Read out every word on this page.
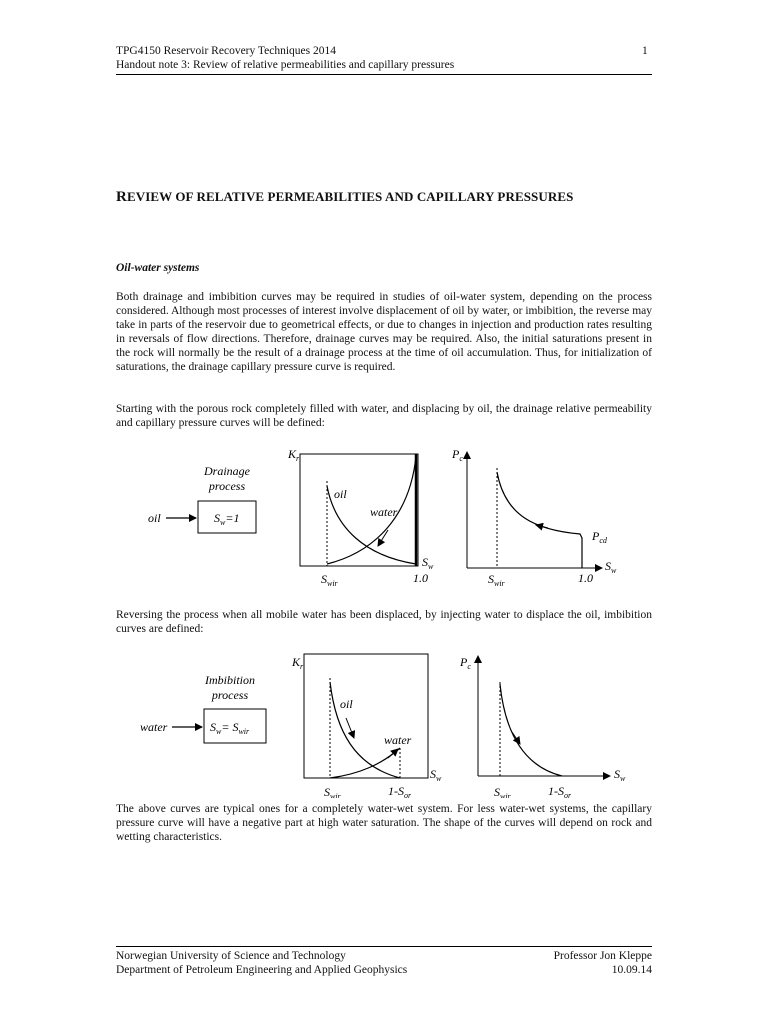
TPG4150 Reservoir Recovery Techniques 2014	1
Handout note 3: Review of relative permeabilities and capillary pressures
REVIEW OF RELATIVE PERMEABILITIES AND CAPILLARY PRESSURES
Oil-water systems
Both drainage and imbibition curves may be required in studies of oil-water system, depending on the process considered. Although most processes of interest involve displacement of oil by water, or imbibition, the reverse may take in parts of the reservoir due to geometrical effects, or due to changes in injection and production rates resulting in reversals of flow directions. Therefore, drainage curves may be required. Also, the initial saturations present in the rock will normally be the result of a drainage process at the time of oil accumulation. Thus, for initialization of saturations, the drainage capillary pressure curve is required.
Starting with the porous rock completely filled with water, and displacing by oil, the drainage relative permeability and capillary pressure curves will be defined:
Drainage
process
oil	$S_w=1$
$K_r$
oil
water
$S_w$
$S_{wir}$	1.0
$P_c$
$P_{cd}$
$S_w$
$S_{wir}$	1.0
Reversing the process when all mobile water has been displaced, by injecting water to displace the oil, imbibition curves are defined:
Imbibition
process
water	$S_w= S_{wir}$
$K_r$
oil
water
$S_w$
$S_{wir}$	$1-S_{or}$
$P_c$
$S_w$
$S_{wir}$	$1-S_{or}$
The above curves are typical ones for a completely water-wet system. For less water-wet systems, the capillary pressure curve will have a negative part at high water saturation. The shape of the curves will depend on rock and wetting characteristics.
Norwegian University of Science and Technology
Department of Petroleum Engineering and Applied Geophysics
Professor Jon Kleppe
10.09.14
